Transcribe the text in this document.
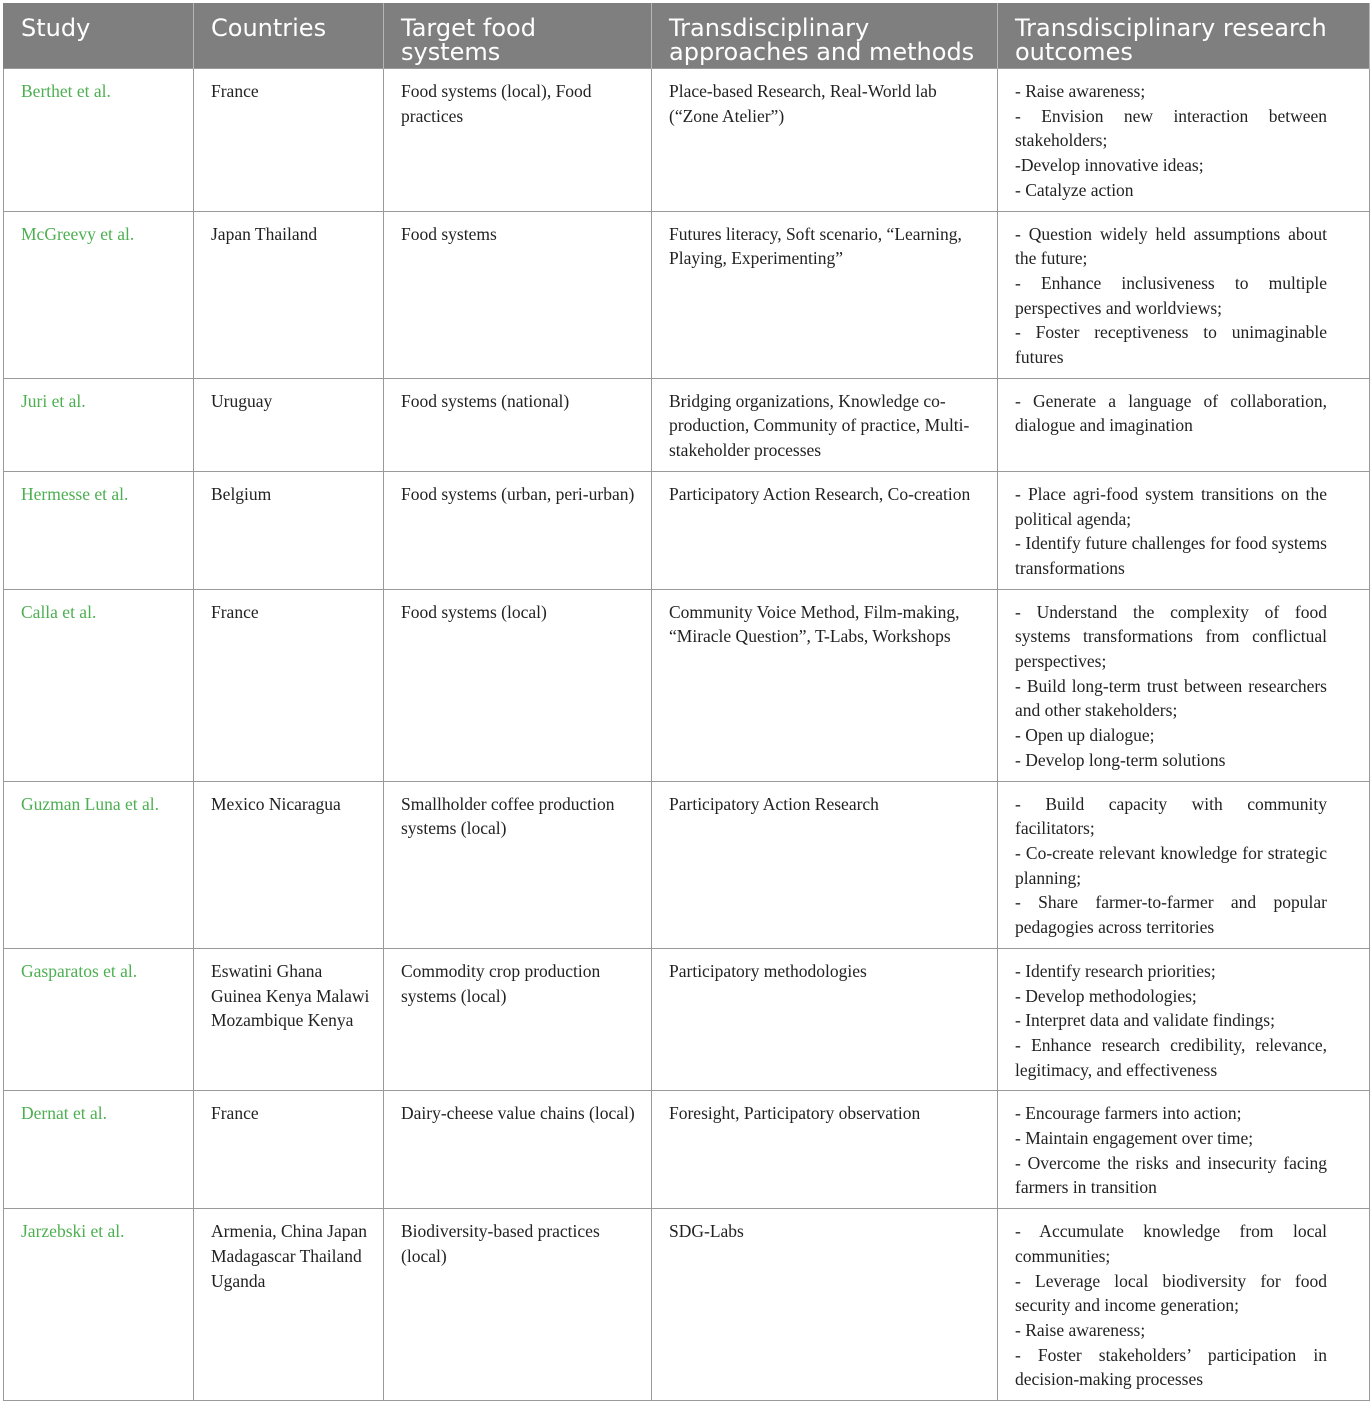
Study	Countries	Target food systems	Transdisciplinary approaches and methods	Transdisciplinary research outcomes
Berthet et al.	France	Food systems (local), Food practices	Place-based Research, Real-World lab (“Zone Atelier”)	- Raise awareness;
- Envision new interaction between stakeholders;
-Develop innovative ideas;
- Catalyze action

McGreevy et al.	Japan Thailand	Food systems	Futures literacy, Soft scenario, “Learning, Playing, Experimenting”	- Question widely held assumptions about the future;
- Enhance inclusiveness to multiple perspectives and worldviews;
- Foster receptiveness to unimaginable futures

Juri et al.	Uruguay	Food systems (national)	Bridging organizations, Knowledge co-production, Community of practice, Multi-stakeholder processes	- Generate a language of collaboration, dialogue and imagination

Hermesse et al.	Belgium	Food systems (urban, peri-urban)	Participatory Action Research, Co-creation	- Place agri-food system transitions on the political agenda;
- Identify future challenges for food systems transformations

Calla et al.	France	Food systems (local)	Community Voice Method, Film-making, “Miracle Question”, T-Labs, Workshops	- Understand the complexity of food systems transformations from conflictual perspectives;
- Build long-term trust between researchers and other stakeholders;
- Open up dialogue;
- Develop long-term solutions

Guzman Luna et al.	Mexico Nicaragua	Smallholder coffee production systems (local)	Participatory Action Research	- Build capacity with community facilitators;
- Co-create relevant knowledge for strategic planning;
- Share farmer-to-farmer and popular pedagogies across territories

Gasparatos et al.	Eswatini Ghana Guinea Kenya Malawi Mozambique Kenya	Commodity crop production systems (local)	Participatory methodologies	- Identify research priorities;
- Develop methodologies;
- Interpret data and validate findings;
- Enhance research credibility, relevance, legitimacy, and effectiveness

Dernat et al.	France	Dairy-cheese value chains (local)	Foresight, Participatory observation	- Encourage farmers into action;
- Maintain engagement over time;
- Overcome the risks and insecurity facing farmers in transition

Jarzebski et al.	Armenia, China Japan Madagascar Thailand Uganda	Biodiversity-based practices (local)	SDG-Labs	- Accumulate knowledge from local communities;
- Leverage local biodiversity for food security and income generation;
- Raise awareness;
- Foster stakeholders’ participation in decision-making processes
